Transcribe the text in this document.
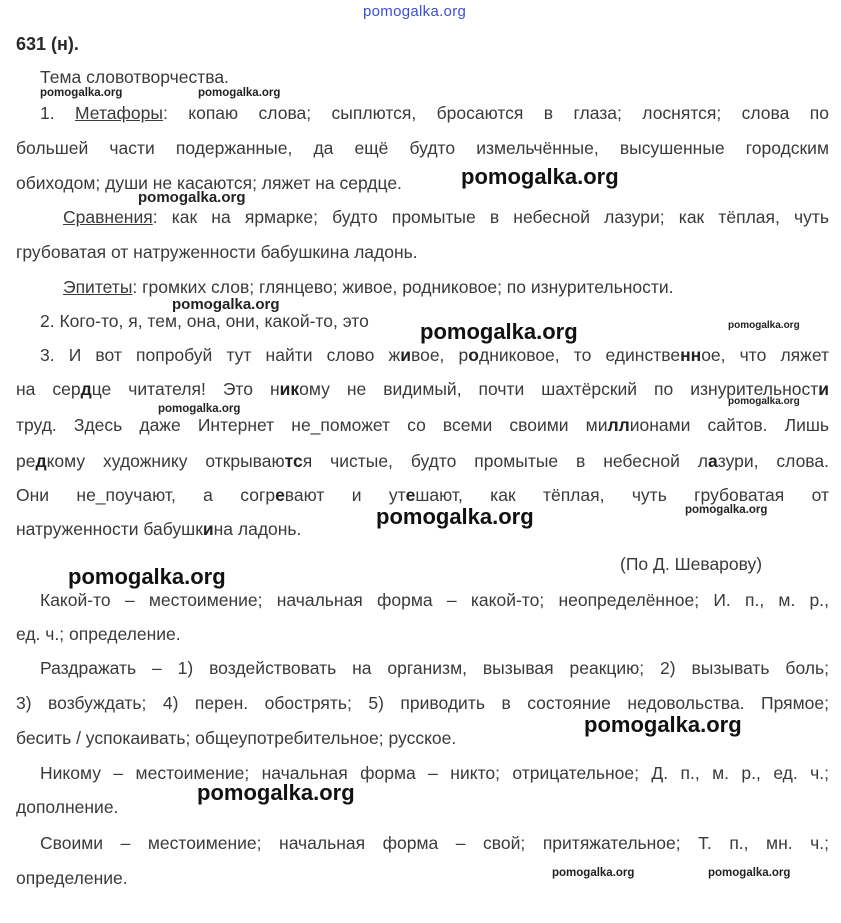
pomogalka.org
pomogalka.org	pomogalka.org
pomogalka.org
pomogalka.org
pomogalka.org
pomogalka.org	pomogalka.org
pomogalka.org
pomogalka.org
pomogalka.org
pomogalka.org
pomogalka.org
pomogalka.org
pomogalka.org
pomogalka.org	pomogalka.org
631 (н).
Тема словотворчества.
1. Метафоры: копаю слова; сыплются, бросаются в глаза; лоснятся; слова по
большей части подержанные, да ещё будто измельчённые, высушенные городским
обиходом; души не касаются; ляжет на сердце.
Сравнения: как на ярмарке; будто промытые в небесной лазури; как тёплая, чуть
грубоватая от натруженности бабушкина ладонь.
Эпитеты: громких слов; глянцево; живое, родниковое; по изнурительности.
2. Кого-то, я, тем, она, они, какой-то, это
3. И вот попробуй тут найти слово живое, родниковое, то единственное, что ляжет
на сердце читателя! Это никому не видимый, почти шахтёрский по изнурительности
труд. Здесь даже Интернет не_поможет со всеми своими миллионами сайтов. Лишь
редкому художнику открываются чистые, будто промытые в небесной лазури, слова.
Они не_поучают, а согревают и утешают, как тёплая, чуть грубоватая от
натруженности бабушкина ладонь.
(По Д. Шеварову)
Какой-то – местоимение; начальная форма – какой-то; неопределённое; И. п., м. р.,
ед. ч.; определение.
Раздражать – 1) воздействовать на организм, вызывая реакцию; 2) вызывать боль;
3) возбуждать; 4) перен. обострять; 5) приводить в состояние недовольства. Прямое;
бесить / успокаивать; общеупотребительное; русское.
Никому – местоимение; начальная форма – никто; отрицательное; Д. п., м. р., ед. ч.;
дополнение.
Своими – местоимение; начальная форма – свой; притяжательное; Т. п., мн. ч.;
определение.
